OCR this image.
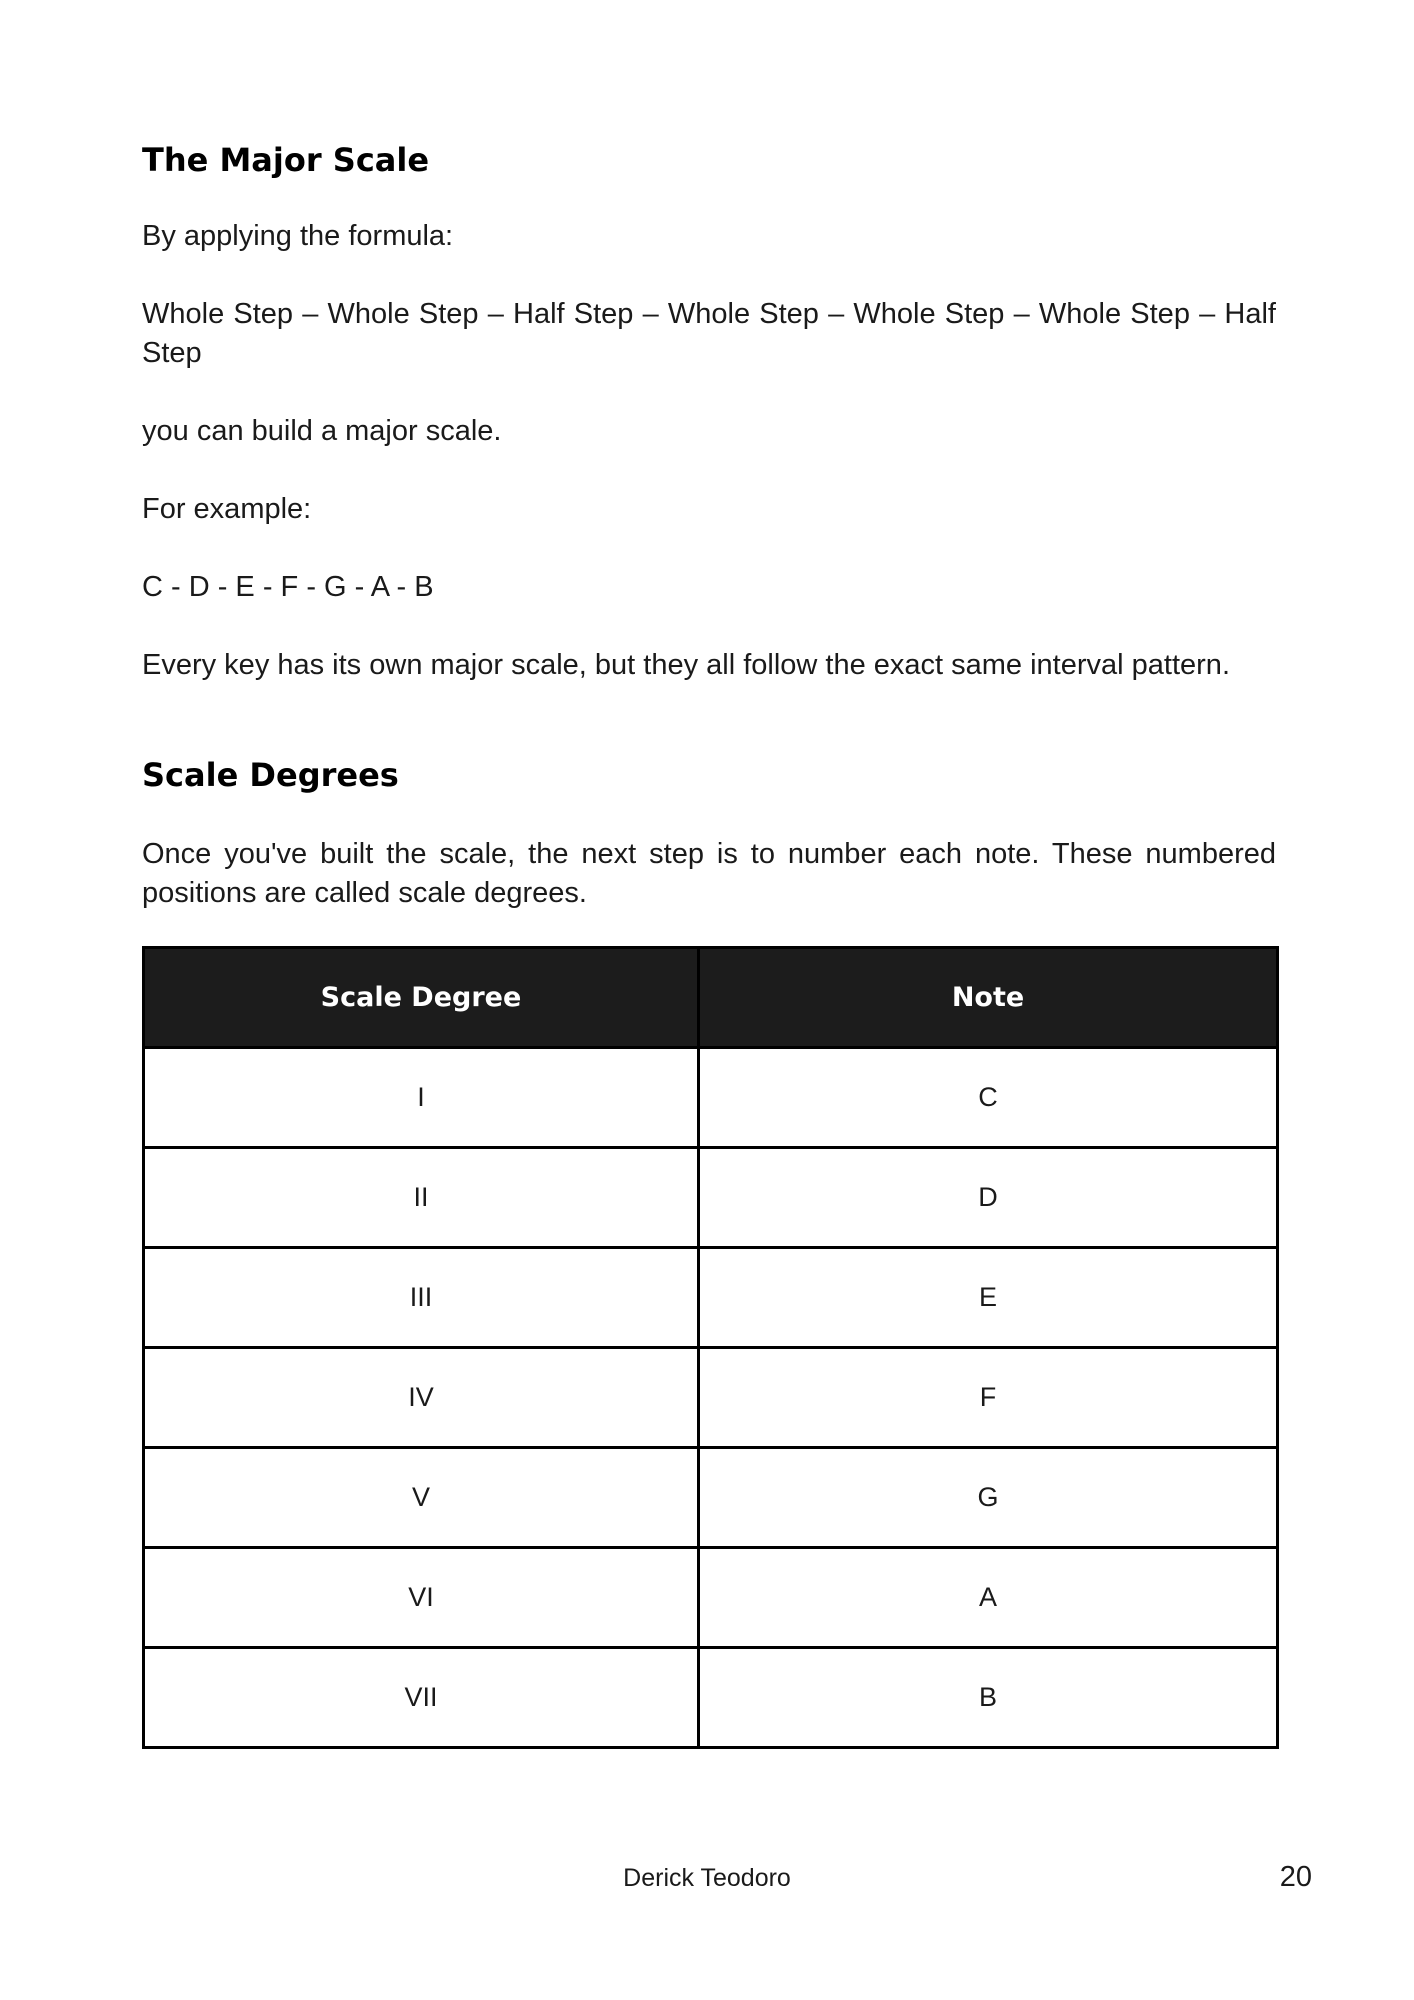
The Major Scale

By applying the formula:

Whole Step – Whole Step – Half Step – Whole Step – Whole Step – Whole Step – Half Step

you can build a major scale.

For example:

C - D - E - F - G - A - B

Every key has its own major scale, but they all follow the exact same interval pattern.

Scale Degrees

Once you've built the scale, the next step is to number each note. These numbered positions are called scale degrees.

Scale Degree	Note
I	C
II	D
III	E
IV	F
V	G
VI	A
VII	B
Derick Teodoro	20
